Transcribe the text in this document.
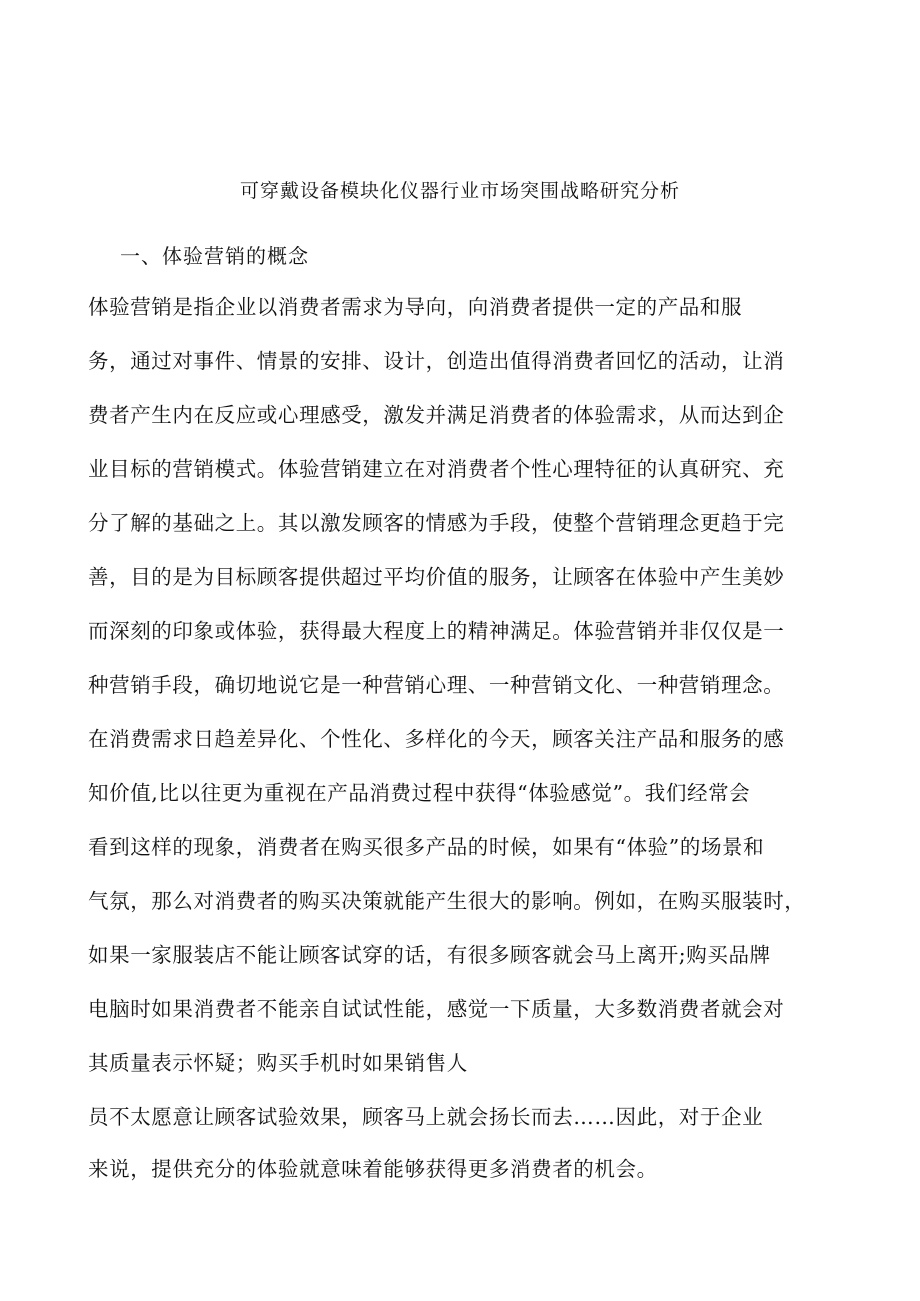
可穿戴设备模块化仪器行业市场突围战略研究分析
一、体验营销的概念
体验营销是指企业以消费者需求为导向，向消费者提供一定的产品和服
务，通过对事件、情景的安排、设计，创造出值得消费者回忆的活动，让消
费者产生内在反应或心理感受，激发并满足消费者的体验需求，从而达到企
业目标的营销模式。体验营销建立在对消费者个性心理特征的认真研究、充
分了解的基础之上。其以激发顾客的情感为手段，使整个营销理念更趋于完
善，目的是为目标顾客提供超过平均价值的服务，让顾客在体验中产生美妙
而深刻的印象或体验，获得最大程度上的精神满足。体验营销并非仅仅是一
种营销手段，确切地说它是一种营销心理、一种营销文化、一种营销理念。
在消费需求日趋差异化、个性化、多样化的今天，顾客关注产品和服务的感
知价值,比以往更为重视在产品消费过程中获得“体验感觉”。我们经常会
看到这样的现象，消费者在购买很多产品的时候，如果有“体验”的场景和
气氛，那么对消费者的购买决策就能产生很大的影响。例如，在购买服装时，
如果一家服装店不能让顾客试穿的话，有很多顾客就会马上离开;购买品牌
电脑时如果消费者不能亲自试试性能，感觉一下质量，大多数消费者就会对
其质量表示怀疑；购买手机时如果销售人
员不太愿意让顾客试验效果，顾客马上就会扬长而去……因此，对于企业
来说，提供充分的体验就意味着能够获得更多消费者的机会。
